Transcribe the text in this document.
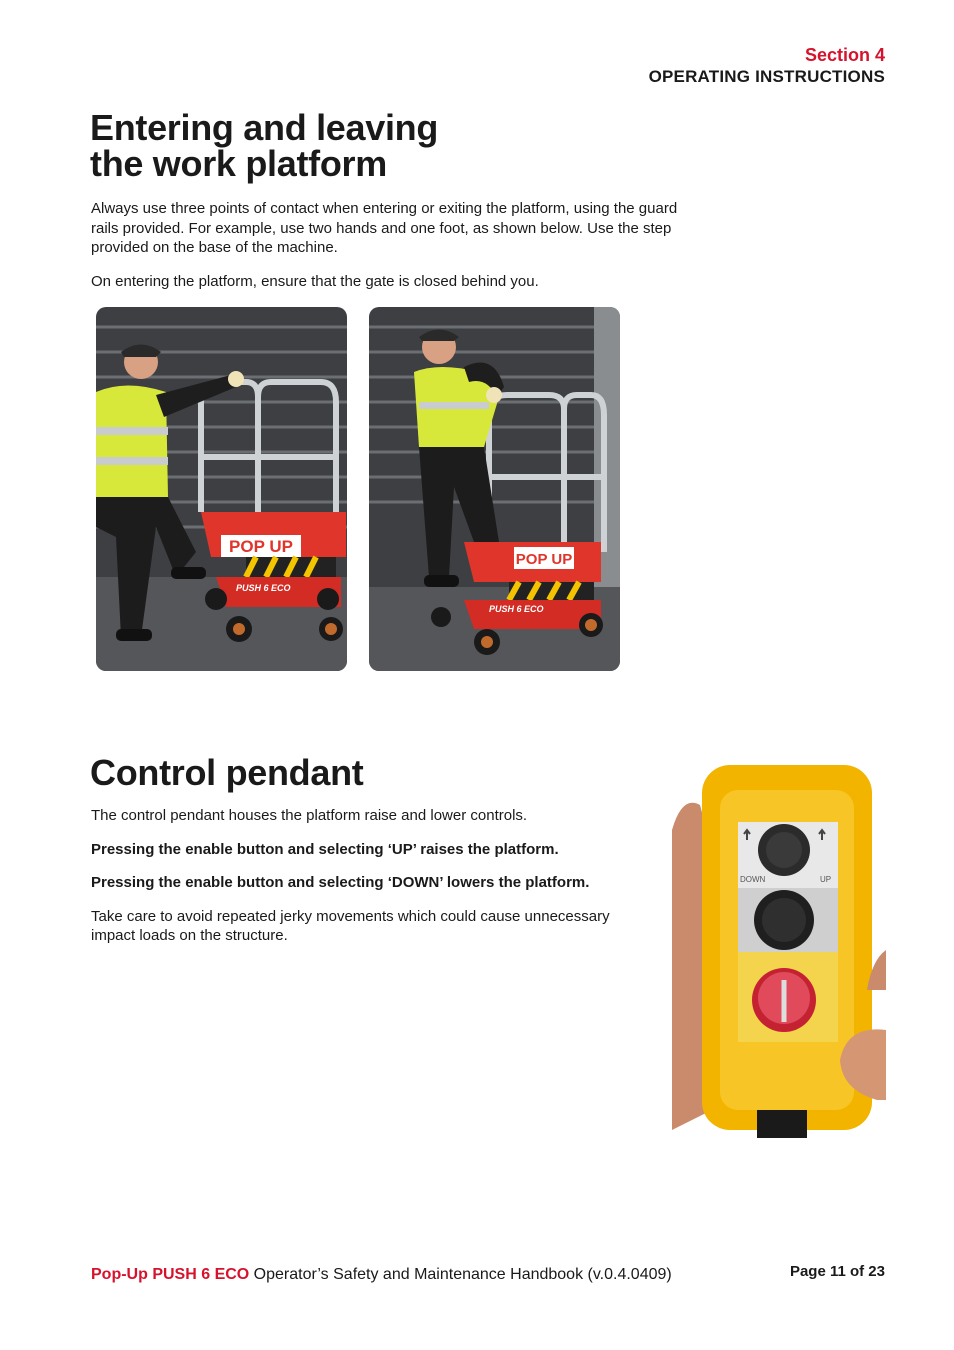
Section 4
OPERATING INSTRUCTIONS
Entering and leaving
the work platform

Always use three points of contact when entering or exiting the platform, using the guard rails provided. For example, use two hands and one foot, as shown below. Use the step provided on the base of the machine.

On entering the platform, ensure that the gate is closed behind you.

POP UP
PUSH 6 ECO
POP UP
PUSH 6 ECO
Control pendant

The control pendant houses the platform raise and lower controls.

Pressing the enable button and selecting ‘UP’ raises the platform.

Pressing the enable button and selecting ‘DOWN’ lowers the platform.

Take care to avoid repeated jerky movements which could cause unnecessary impact loads on the structure.

DOWN	UP
Pop-Up PUSH 6 ECO Operator’s Safety and Maintenance Handbook (v.0.4.0409)	Page 11 of 23
